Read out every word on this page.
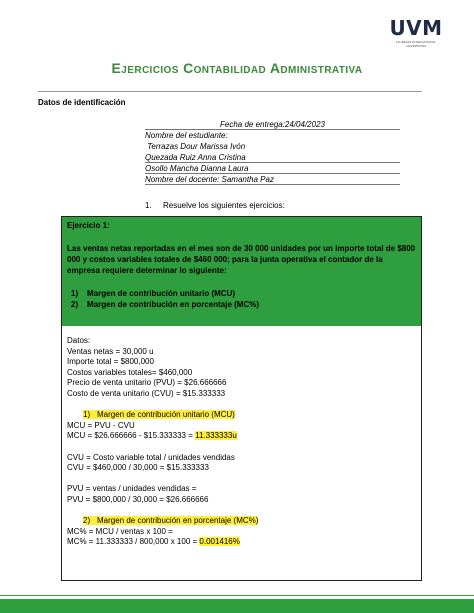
UVM
LAUREATE INTERNATIONAL UNIVERSITIES
Ejercicios Contabilidad Administrativa
Datos de identificación
Fecha de entrega:24/04/2023
Nombre del estudiante:
Terrazas Dour Marissa Ivón
Quezada Ruiz Anna Cristina
Osollo Mancha Dianna Laura
Nombre del docente: Samantha Paz
1. Resuelve los siguientes ejercicios:
Ejercicio 1:
Las ventas netas reportadas en el mes son de 30 000 unidades por un importe total de $800 000 y costos variables totales de $460 000; para la junta operativa el contador de la empresa requiere determinar lo siguiente:
1) Margen de contribución unitario (MCU)
2) Margen de contribución en porcentaje (MC%)
Datos:
Ventas netas = 30,000 u
Importe total = $800,000
Costos variables totales= $460,000
Precio de venta unitario (PVU) = $26.666666
Costo de venta unitario (CVU) = $15.333333
1) Margen de contribución unitario (MCU)
MCU = PVU - CVU
MCU = $26.666666 - $15.333333 = 11.333333u
CVU = Costo variable total / unidades vendidas
CVU = $460,000 / 30,000 = $15.333333
PVU = ventas / unidades vendidas =
PVU = $800,000 / 30,000 = $26.666666
2) Margen de contribución en porcentaje (MC%)
MC% = MCU / ventas x 100 =
MC% = 11.333333 / 800,000 x 100 = 0.001416%
